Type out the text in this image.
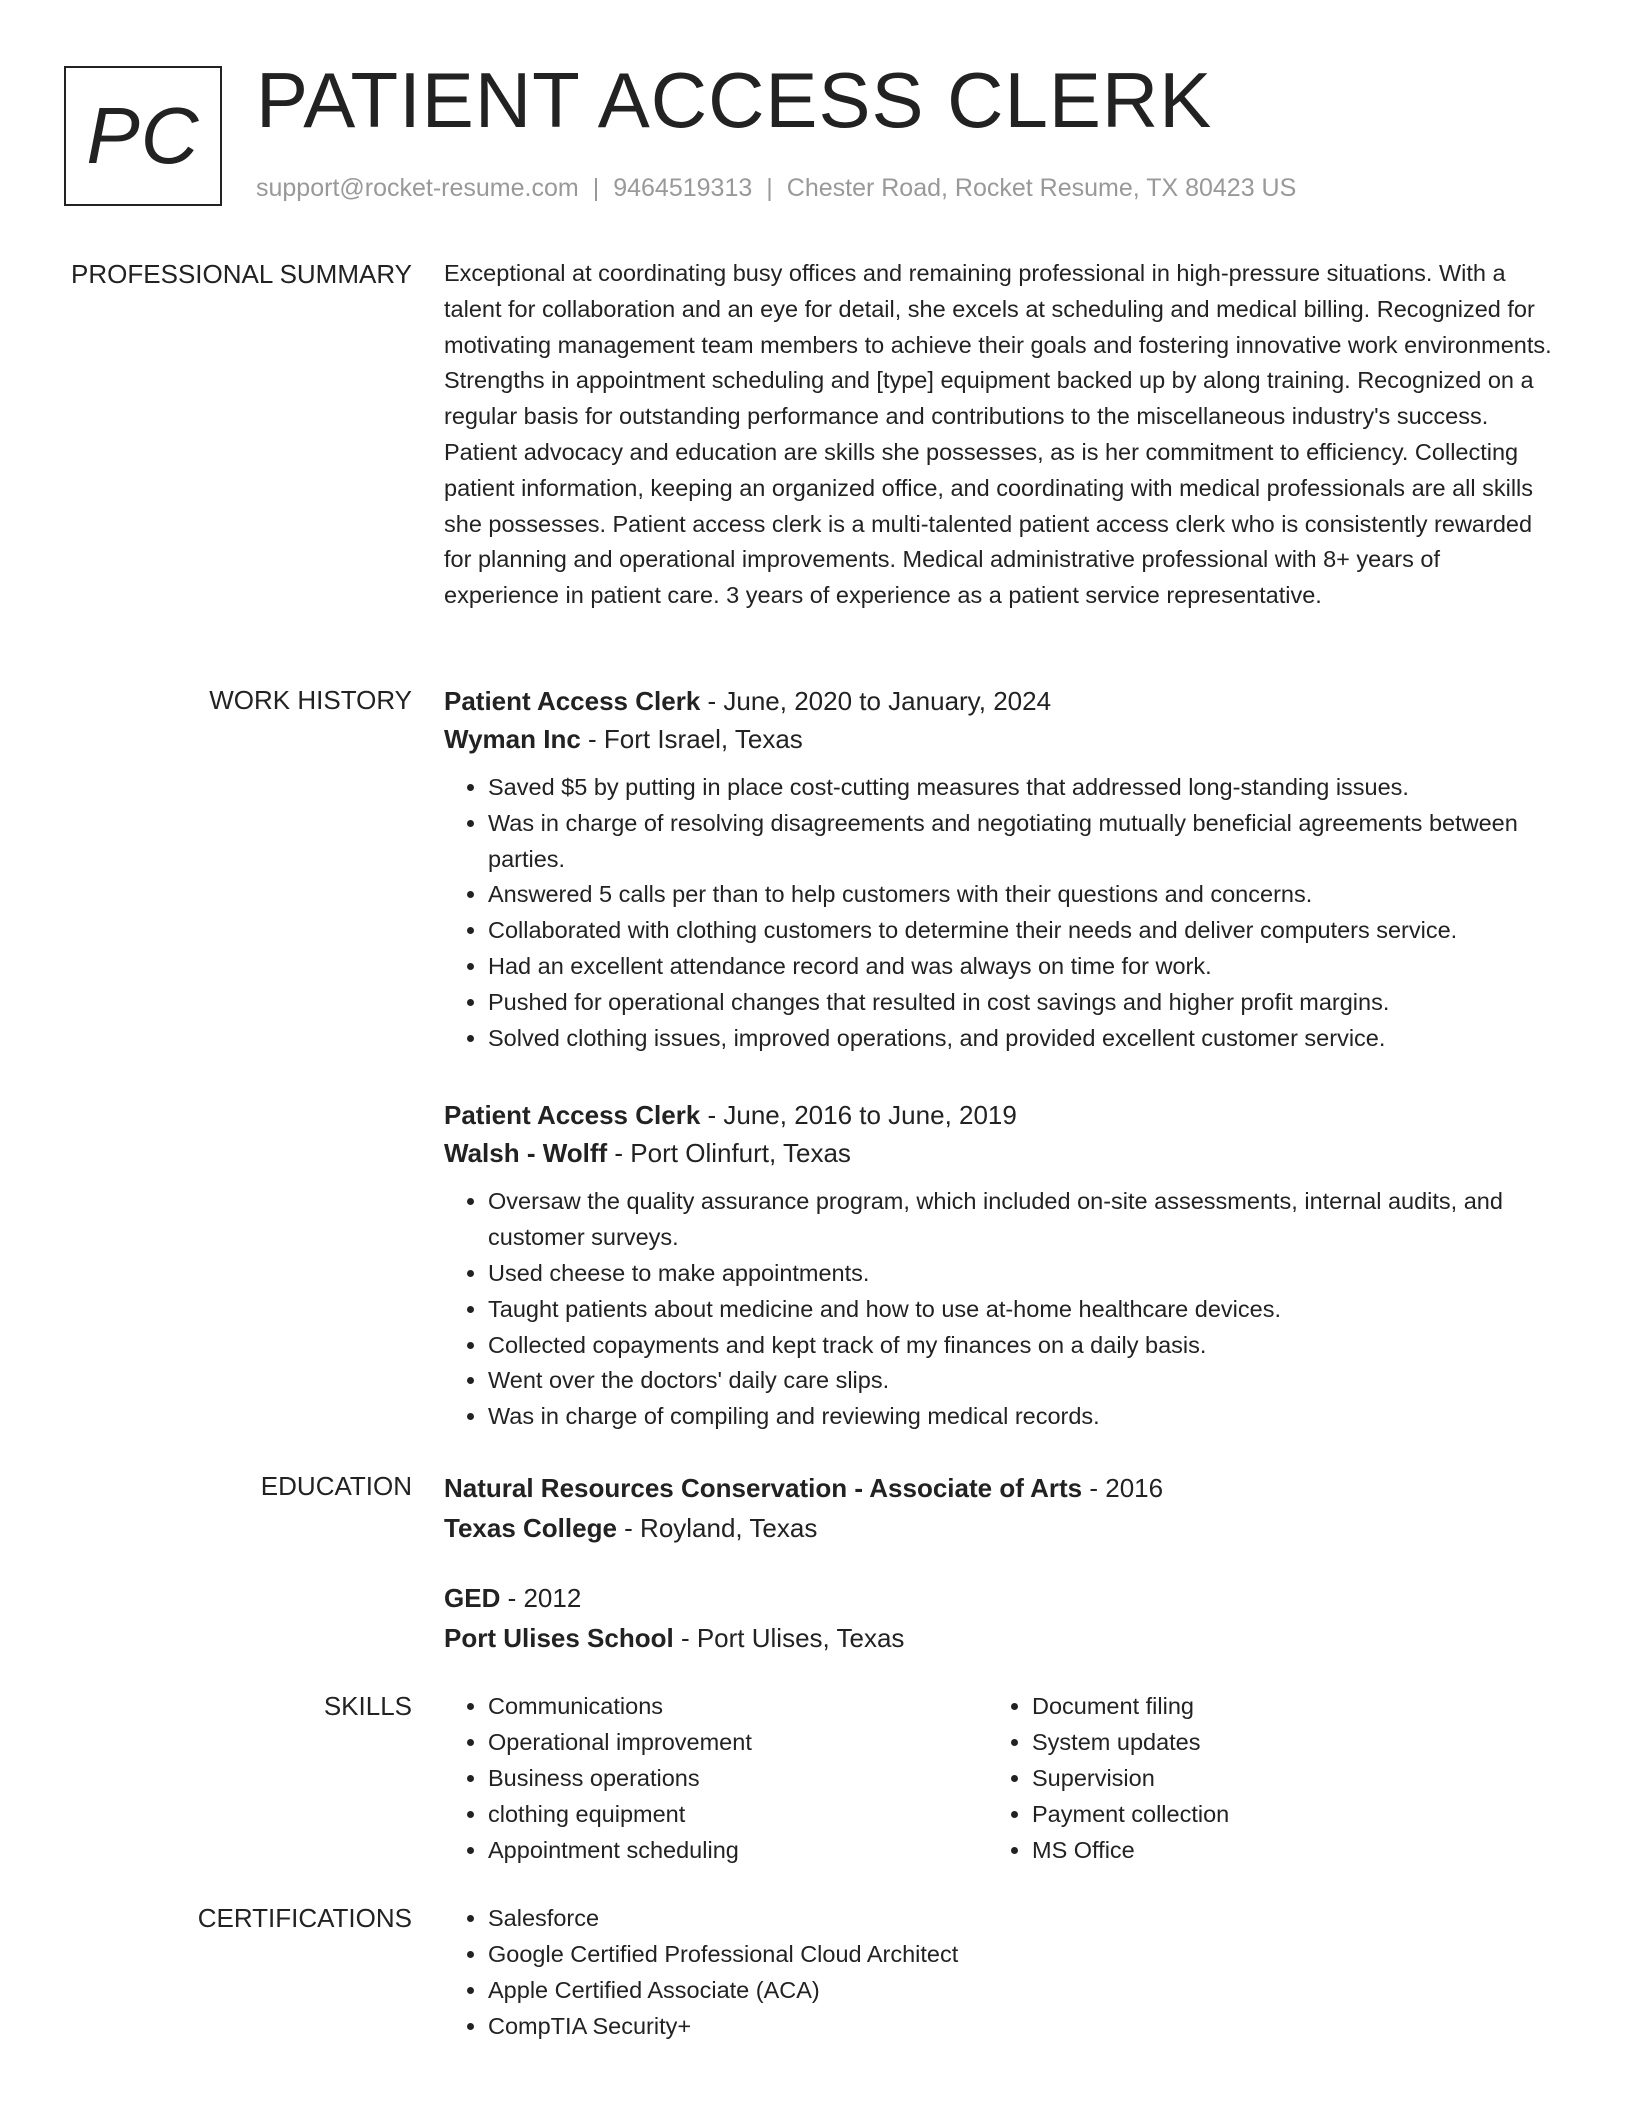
PC PATIENT ACCESS CLERK
support@rocket-resume.com | 9464519313 | Chester Road, Rocket Resume, TX 80423 US
PROFESSIONAL SUMMARY Exceptional at coordinating busy offices and remaining professional in high-pressure situations. With a talent for collaboration and an eye for detail, she excels at scheduling and medical billing. Recognized for motivating management team members to achieve their goals and fostering innovative work environments. Strengths in appointment scheduling and [type] equipment backed up by along training. Recognized on a regular basis for outstanding performance and contributions to the miscellaneous industry's success. Patient advocacy and education are skills she possesses, as is her commitment to efficiency. Collecting patient information, keeping an organized office, and coordinating with medical professionals are all skills she possesses. Patient access clerk is a multi-talented patient access clerk who is consistently rewarded for planning and operational improvements. Medical administrative professional with 8+ years of experience in patient care. 3 years of experience as a patient service representative.

WORK HISTORY Patient Access Clerk - June, 2020 to January, 2024
Wyman Inc - Fort Israel, Texas
• Saved $5 by putting in place cost-cutting measures that addressed long-standing issues.
• Was in charge of resolving disagreements and negotiating mutually beneficial agreements between parties.
• Answered 5 calls per than to help customers with their questions and concerns.
• Collaborated with clothing customers to determine their needs and deliver computers service.
• Had an excellent attendance record and was always on time for work.
• Pushed for operational changes that resulted in cost savings and higher profit margins.
• Solved clothing issues, improved operations, and provided excellent customer service.
Patient Access Clerk - June, 2016 to June, 2019
Walsh - Wolff - Port Olinfurt, Texas
• Oversaw the quality assurance program, which included on-site assessments, internal audits, and customer surveys.
• Used cheese to make appointments.
• Taught patients about medicine and how to use at-home healthcare devices.
• Collected copayments and kept track of my finances on a daily basis.
• Went over the doctors' daily care slips.
• Was in charge of compiling and reviewing medical records.
EDUCATION Natural Resources Conservation - Associate of Arts - 2016
Texas College - Royland, Texas
GED - 2012
Port Ulises School - Port Ulises, Texas
SKILLS	• Communications
• Operational improvement
• Business operations
• clothing equipment
• Appointment scheduling
• Document filing
• System updates
• Supervision
• Payment collection
• MS Office
CERTIFICATIONS	• Salesforce
• Google Certified Professional Cloud Architect
• Apple Certified Associate (ACA)
• CompTIA Security+
